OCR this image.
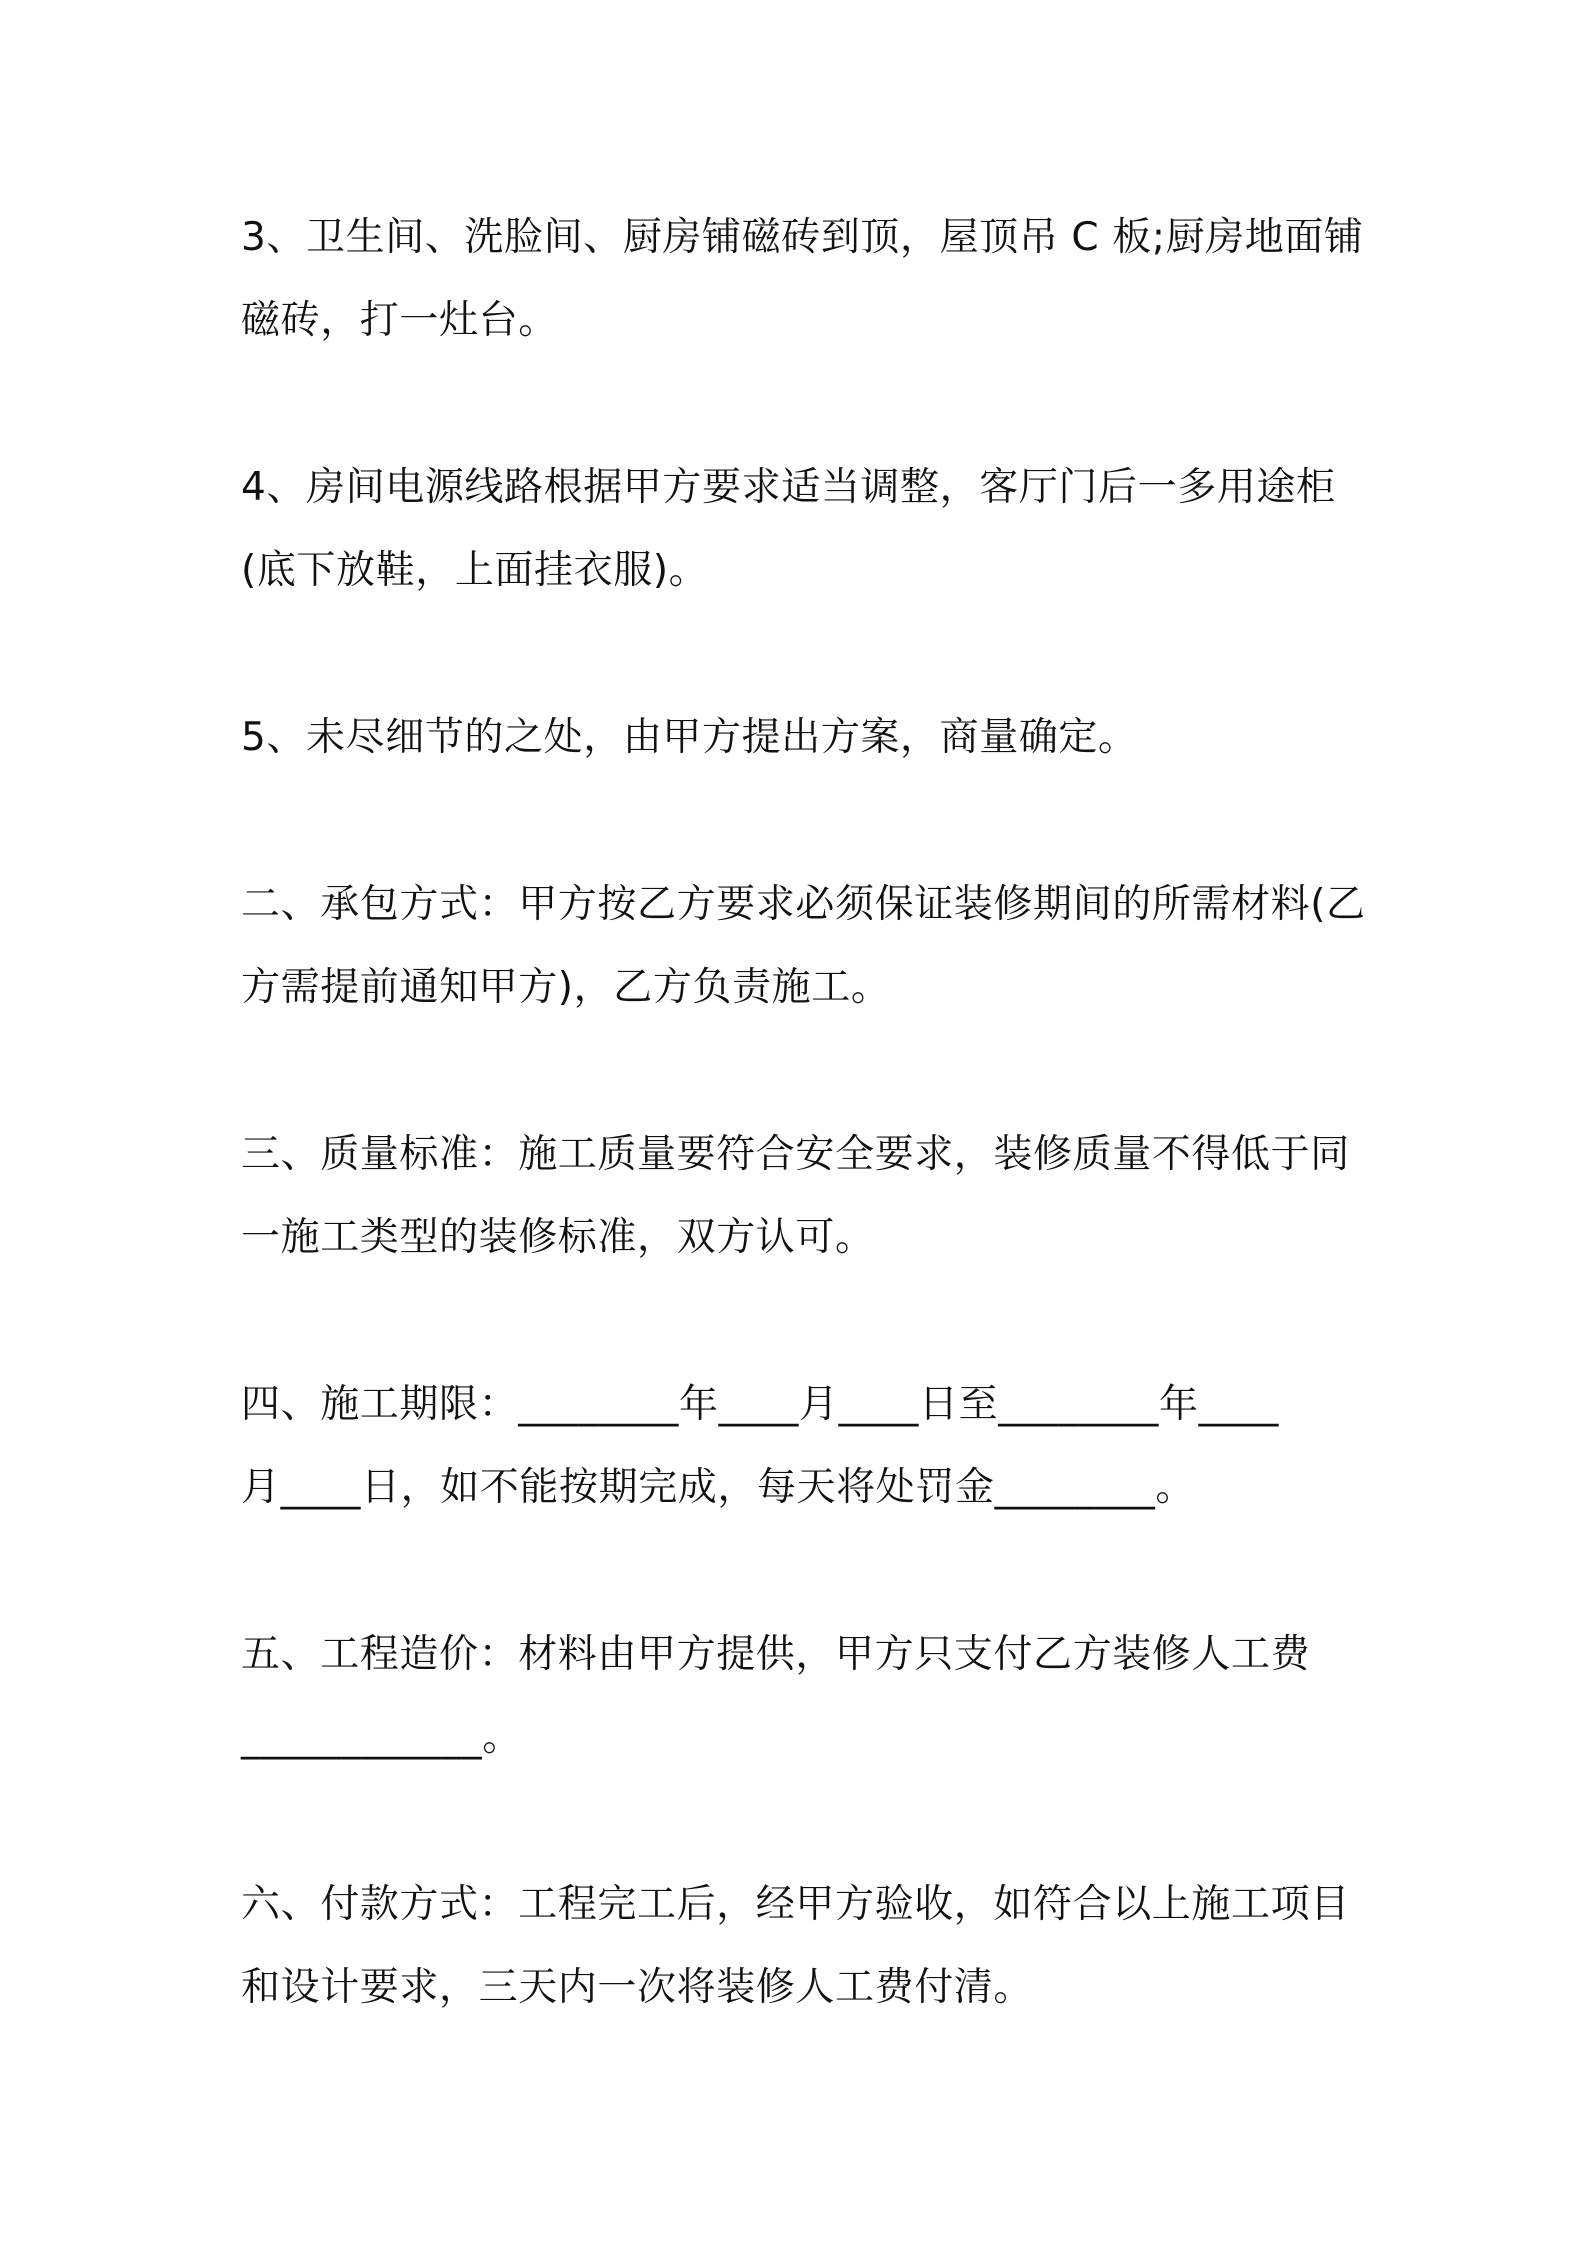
3、卫生间、洗脸间、厨房铺磁砖到顶，屋顶吊 C 板;厨房地面铺
磁砖，打一灶台。

4、房间电源线路根据甲方要求适当调整，客厅门后一多用途柜
(底下放鞋，上面挂衣服)。

5、未尽细节的之处，由甲方提出方案，商量确定。

二、承包方式：甲方按乙方要求必须保证装修期间的所需材料(乙
方需提前通知甲方)，乙方负责施工。

三、质量标准：施工质量要符合安全要求，装修质量不得低于同
一施工类型的装修标准，双方认可。

四、施工期限：________年____月____日至________年____
月____日，如不能按期完成，每天将处罚金________。

五、工程造价：材料由甲方提供，甲方只支付乙方装修人工费
____________。

六、付款方式：工程完工后，经甲方验收，如符合以上施工项目
和设计要求，三天内一次将装修人工费付清。
